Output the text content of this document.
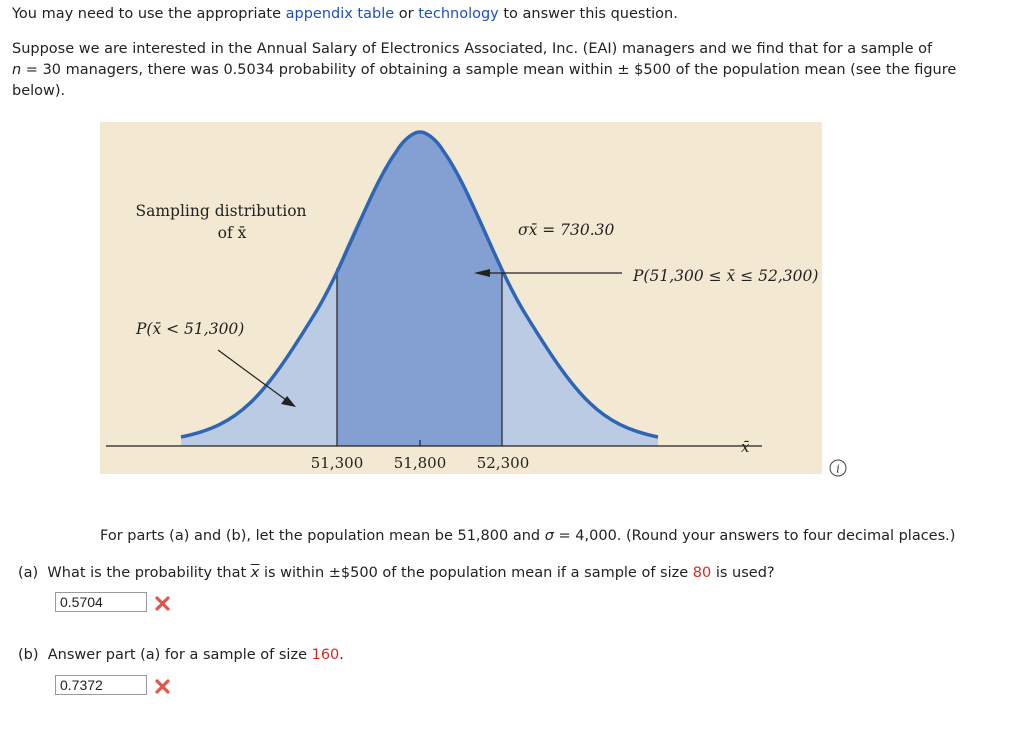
You may need to use the appropriate appendix table or technology to answer this question.
Suppose we are interested in the Annual Salary of Electronics Associated, Inc. (EAI) managers and we find that for a sample of
n = 30 managers, there was 0.5034 probability of obtaining a sample mean within ± $500 of the population mean (see the figure
below).
x̄
51,300 51,800 52,300
Sampling distribution
of x̄	σx̄ = 730.30
P(51,300 ≤ x̄ ≤ 52,300)
P(x̄ < 51,300)
i
For parts (a) and (b), let the population mean be 51,800 and σ = 4,000. (Round your answers to four decimal places.)
(a) What is the probability that $\overline{x}$ is within ±$500 of the population mean if a sample of size 80 is used?
0.5704
(b) Answer part (a) for a sample of size 160.
0.7372
